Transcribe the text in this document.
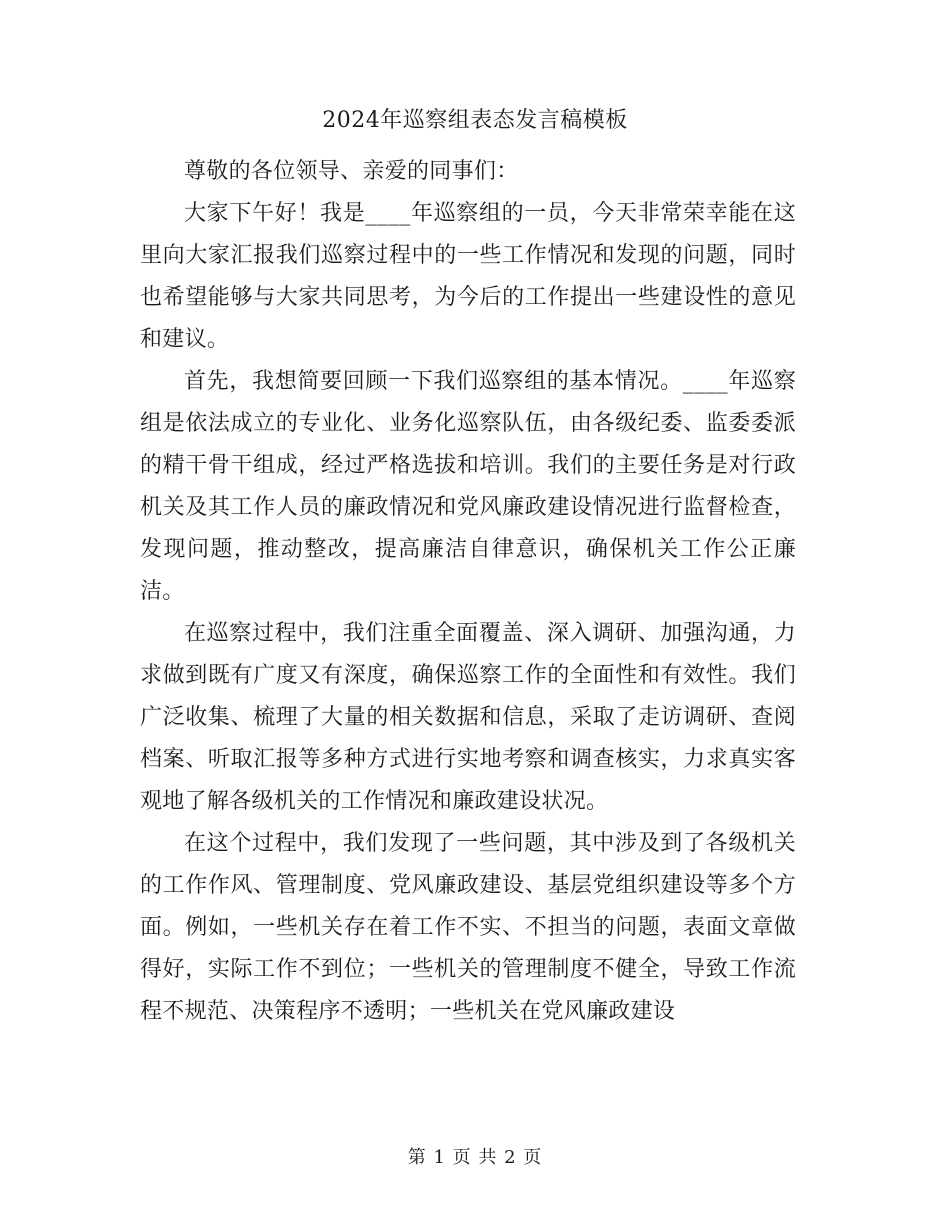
2024年巡察组表态发言稿模板

尊敬的各位领导、亲爱的同事们：

大家下午好！我是____年巡察组的一员，今天非常荣幸能在这里向大家汇报我们巡察过程中的一些工作情况和发现的问题，同时也希望能够与大家共同思考，为今后的工作提出一些建设性的意见和建议。

首先，我想简要回顾一下我们巡察组的基本情况。____年巡察组是依法成立的专业化、业务化巡察队伍，由各级纪委、监委委派的精干骨干组成，经过严格选拔和培训。我们的主要任务是对行政机关及其工作人员的廉政情况和党风廉政建设情况进行监督检查，发现问题，推动整改，提高廉洁自律意识，确保机关工作公正廉洁。

在巡察过程中，我们注重全面覆盖、深入调研、加强沟通，力求做到既有广度又有深度，确保巡察工作的全面性和有效性。我们广泛收集、梳理了大量的相关数据和信息，采取了走访调研、查阅档案、听取汇报等多种方式进行实地考察和调查核实，力求真实客观地了解各级机关的工作情况和廉政建设状况。

在这个过程中，我们发现了一些问题，其中涉及到了各级机关的工作作风、管理制度、党风廉政建设、基层党组织建设等多个方面。例如，一些机关存在着工作不实、不担当的问题，表面文章做得好，实际工作不到位；一些机关的管理制度不健全，导致工作流程不规范、决策程序不透明；一些机关在党风廉政建设

第 1 页 共 2 页
